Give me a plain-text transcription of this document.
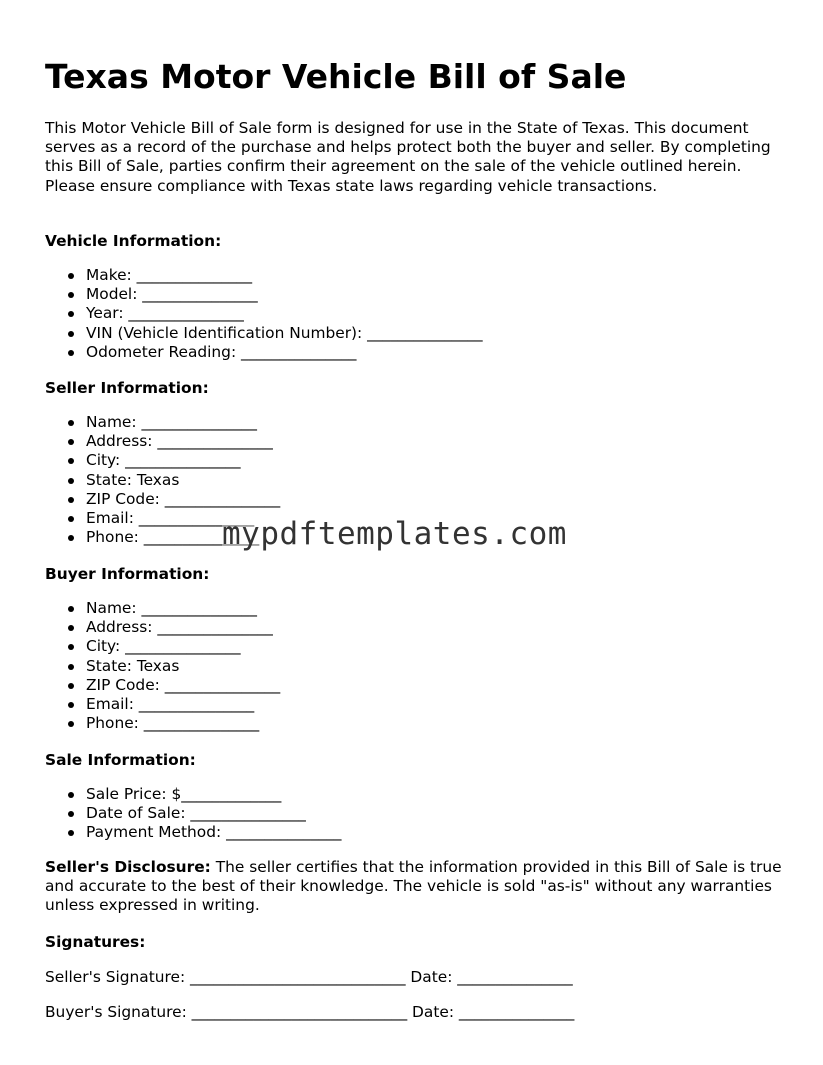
Texas Motor Vehicle Bill of Sale

This Motor Vehicle Bill of Sale form is designed for use in the State of Texas. This document serves as a record of the purchase and helps protect both the buyer and seller. By completing this Bill of Sale, parties confirm their agreement on the sale of the vehicle outlined herein. Please ensure compliance with Texas state laws regarding vehicle transactions.

Vehicle Information:
Make: _______________
Model: _______________
Year: _______________
VIN (Vehicle Identification Number): _______________
Odometer Reading: _______________
Seller Information:
Name: _______________
Address: _______________
City: _______________
State: Texas
ZIP Code: _______________
Email: _______________
Phone: _______________
Buyer Information:
Name: _______________
Address: _______________
City: _______________
State: Texas
ZIP Code: _______________
Email: _______________
Phone: _______________
Sale Information:
Sale Price: $_____________
Date of Sale: _______________
Payment Method: _______________

Seller's Disclosure: The seller certifies that the information provided in this Bill of Sale is true and accurate to the best of their knowledge. The vehicle is sold "as-is" without any warranties unless expressed in writing.

Signatures:
Seller's Signature: ____________________________ Date: _______________
Buyer's Signature: ____________________________ Date: _______________
mypdftemplates.com
